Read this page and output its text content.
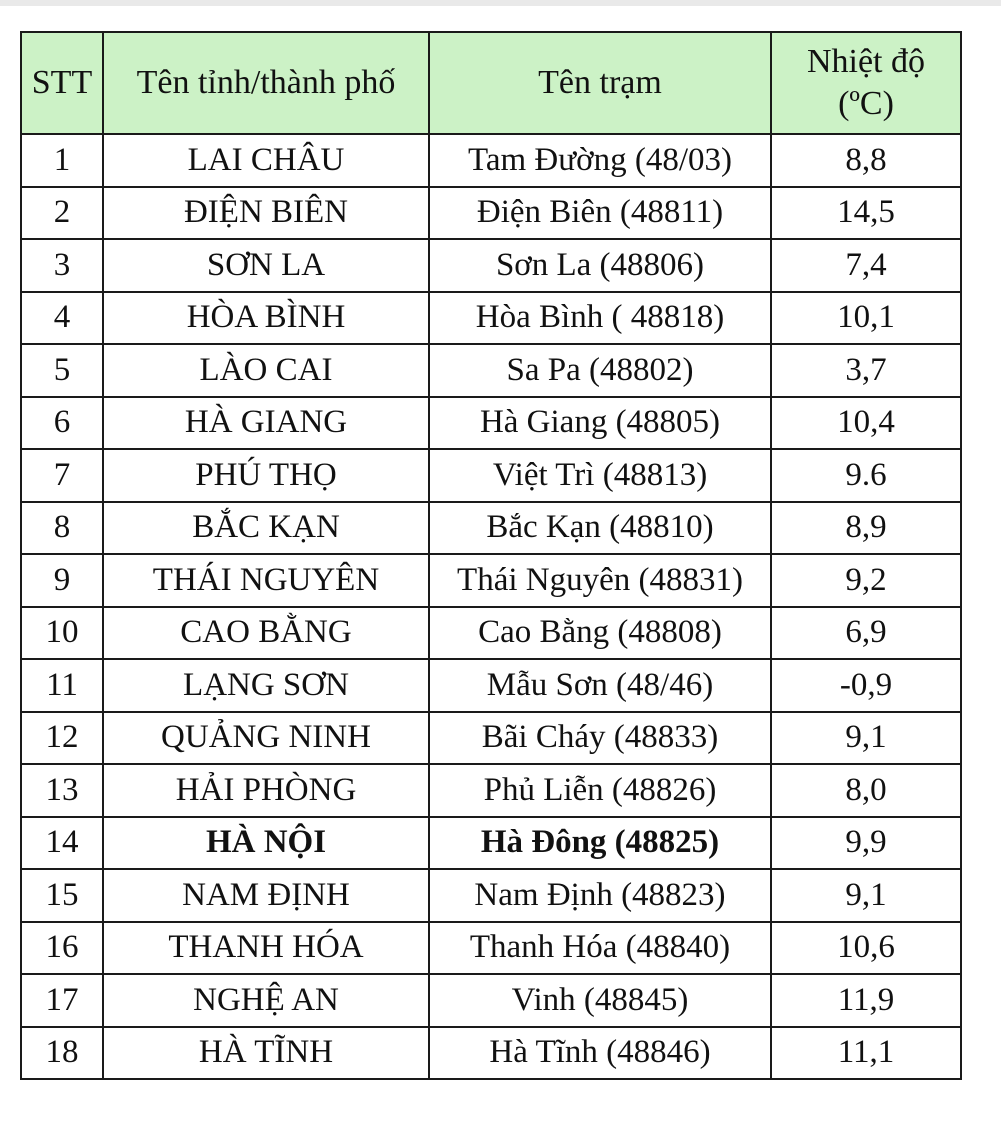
STT	Tên tỉnh/thành phố	Tên trạm	Nhiệt độ
(ºC)
1	LAI CHÂU	Tam Đường (48/03)	8,8
2	ĐIỆN BIÊN	Điện Biên (48811)	14,5
3	SƠN LA	Sơn La (48806)	7,4
4	HÒA BÌNH	Hòa Bình ( 48818)	10,1
5	LÀO CAI	Sa Pa (48802)	3,7
6	HÀ GIANG	Hà Giang (48805)	10,4
7	PHÚ THỌ	Việt Trì (48813)	9.6
8	BẮC KẠN	Bắc Kạn (48810)	8,9
9	THÁI NGUYÊN	Thái Nguyên (48831)	9,2
10	CAO BẰNG	Cao Bằng (48808)	6,9
11	LẠNG SƠN	Mẫu Sơn (48/46)	-0,9
12	QUẢNG NINH	Bãi Cháy (48833)	9,1
13	HẢI PHÒNG	Phủ Liễn (48826)	8,0
14	HÀ NỘI	Hà Đông (48825)	9,9
15	NAM ĐỊNH	Nam Định (48823)	9,1
16	THANH HÓA	Thanh Hóa (48840)	10,6
17	NGHỆ AN	Vinh (48845)	11,9
18	HÀ TĨNH	Hà Tĩnh (48846)	11,1
